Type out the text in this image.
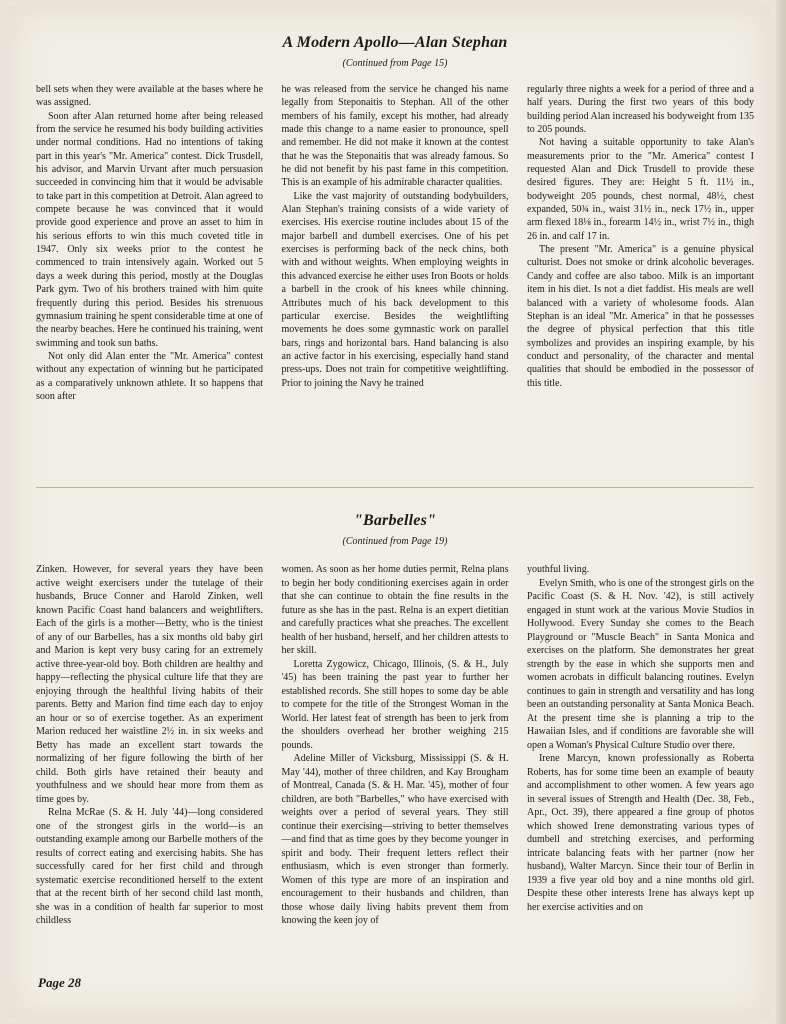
A Modern Apollo—Alan Stephan

(Continued from Page 15)

bell sets when they were available at the bases where he was assigned.

Soon after Alan returned home after being released from the service he resumed his body building activities under normal conditions. Had no intentions of taking part in this year's "Mr. America" contest. Dick Trusdell, his advisor, and Marvin Urvant after much persuasion succeeded in convincing him that it would be advisable to take part in this competition at Detroit. Alan agreed to compete because he was convinced that it would provide good experience and prove an asset to him in his serious efforts to win this much coveted title in 1947. Only six weeks prior to the contest he commenced to train intensively again. Worked out 5 days a week during this period, mostly at the Douglas Park gym. Two of his brothers trained with him quite frequently during this period. Besides his strenuous gymnasium training he spent considerable time at one of the nearby beaches. Here he continued his training, went swimming and took sun baths.

Not only did Alan enter the "Mr. America" contest without any expectation of winning but he participated as a comparatively unknown athlete. It so happens that soon after

he was released from the service he changed his name legally from Steponaitis to Stephan. All of the other members of his family, except his mother, had already made this change to a name easier to pronounce, spell and remember. He did not make it known at the contest that he was the Steponaitis that was already famous. So he did not benefit by his past fame in this competition. This is an example of his admirable character qualities.

Like the vast majority of outstanding bodybuilders, Alan Stephan's training consists of a wide variety of exercises. His exercise routine includes about 15 of the major barbell and dumbell exercises. One of his pet exercises is performing back of the neck chins, both with and without weights. When employing weights in this advanced exercise he either uses Iron Boots or holds a barbell in the crook of his knees while chinning. Attributes much of his back development to this particular exercise. Besides the weightlifting movements he does some gymnastic work on parallel bars, rings and horizontal bars. Hand balancing is also an active factor in his exercising, especially hand stand press-ups. Does not train for competitive weightlifting. Prior to joining the Navy he trained

regularly three nights a week for a period of three and a half years. During the first two years of this body building period Alan increased his bodyweight from 135 to 205 pounds.

Not having a suitable opportunity to take Alan's measurements prior to the "Mr. America" contest I requested Alan and Dick Trusdell to provide these desired figures. They are: Height 5 ft. 11½ in., bodyweight 205 pounds, chest normal, 48½, chest expanded, 50¾ in., waist 31½ in., neck 17½ in., upper arm flexed 18⅛ in., forearm 14½ in., wrist 7½ in., thigh 26 in. and calf 17 in.

The present "Mr. America" is a genuine physical culturist. Does not smoke or drink alcoholic beverages. Candy and coffee are also taboo. Milk is an important item in his diet. Is not a diet faddist. His meals are well balanced with a variety of wholesome foods. Alan Stephan is an ideal "Mr. America" in that he possesses the degree of physical perfection that this title symbolizes and provides an inspiring example, by his conduct and personality, of the character and mental qualities that should be embodied in the possessor of this title.

"Barbelles"

(Continued from Page 19)

Zinken. However, for several years they have been active weight exercisers under the tutelage of their husbands, Bruce Conner and Harold Zinken, well known Pacific Coast hand balancers and weightlifters. Each of the girls is a mother—Betty, who is the tiniest of any of our Barbelles, has a six months old baby girl and Marion is kept very busy caring for an extremely active three-year-old boy. Both children are healthy and happy—reflecting the physical culture life that they are enjoying through the healthful living habits of their parents. Betty and Marion find time each day to enjoy an hour or so of exercise together. As an experiment Marion reduced her waistline 2½ in. in six weeks and Betty has made an excellent start towards the normalizing of her figure following the birth of her child. Both girls have retained their beauty and youthfulness and we should hear more from them as time goes by.

Relna McRae (S. & H. July '44)—long considered one of the strongest girls in the world—is an outstanding example among our Barbelle mothers of the results of correct eating and exercising habits. She has successfully cared for her first child and through systematic exercise reconditioned herself to the extent that at the recent birth of her second child last month, she was in a condition of health far superior to most childless

women. As soon as her home duties permit, Relna plans to begin her body conditioning exercises again in order that she can continue to obtain the fine results in the future as she has in the past. Relna is an expert dietitian and carefully practices what she preaches. The excellent health of her husband, herself, and her children attests to her skill.

Loretta Zygowicz, Chicago, Illinois, (S. & H., July '45) has been training the past year to further her established records. She still hopes to some day be able to compete for the title of the Strongest Woman in the World. Her latest feat of strength has been to jerk from the shoulders overhead her brother weighing 215 pounds.

Adeline Miller of Vicksburg, Mississippi (S. & H. May '44), mother of three children, and Kay Brougham of Montreal, Canada (S. & H. Mar. '45), mother of four children, are both "Barbelles," who have exercised with weights over a period of several years. They still continue their exercising—striving to better themselves—and find that as time goes by they become younger in spirit and body. Their frequent letters reflect their enthusiasm, which is even stronger than formerly. Women of this type are more of an inspiration and encouragement to their husbands and children, than those whose daily living habits prevent them from knowing the keen joy of

youthful living.

Evelyn Smith, who is one of the strongest girls on the Pacific Coast (S. & H. Nov. '42), is still actively engaged in stunt work at the various Movie Studios in Hollywood. Every Sunday she comes to the Beach Playground or "Muscle Beach" in Santa Monica and exercises on the platform. She demonstrates her great strength by the ease in which she supports men and women acrobats in difficult balancing routines. Evelyn continues to gain in strength and versatility and has long been an outstanding personality at Santa Monica Beach. At the present time she is planning a trip to the Hawaiian Isles, and if conditions are favorable she will open a Woman's Physical Culture Studio over there.

Irene Marcyn, known professionally as Roberta Roberts, has for some time been an example of beauty and accomplishment to other women. A few years ago in several issues of Strength and Health (Dec. 38, Feb., Apr., Oct. 39), there appeared a fine group of photos which showed Irene demonstrating various types of dumbell and stretching exercises, and performing intricate balancing feats with her partner (now her husband), Walter Marcyn. Since their tour of Berlin in 1939 a five year old boy and a nine months old girl. Despite these other interests Irene has always kept up her exercise activities and on

Page 28
